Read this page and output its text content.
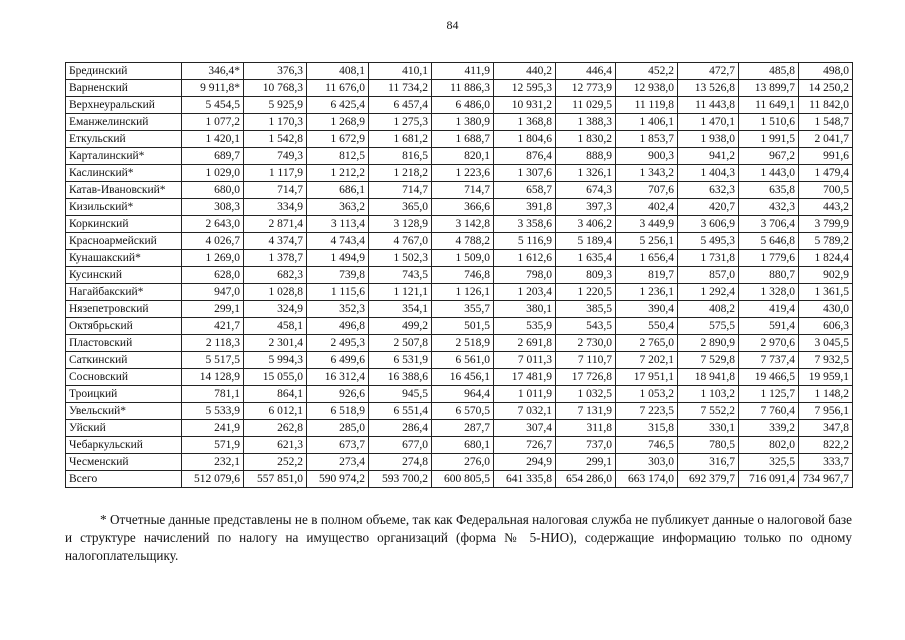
84
Брединский	346,4*	376,3	408,1	410,1	411,9	440,2	446,4	452,2	472,7	485,8	498,0
Варненский	9 911,8*	10 768,3	11 676,0	11 734,2	11 886,3	12 595,3	12 773,9	12 938,0	13 526,8	13 899,7	14 250,2
Верхнеуральский	5 454,5	5 925,9	6 425,4	6 457,4	6 486,0	10 931,2	11 029,5	11 119,8	11 443,8	11 649,1	11 842,0
Еманжелинский	1 077,2	1 170,3	1 268,9	1 275,3	1 380,9	1 368,8	1 388,3	1 406,1	1 470,1	1 510,6	1 548,7
Еткульский	1 420,1	1 542,8	1 672,9	1 681,2	1 688,7	1 804,6	1 830,2	1 853,7	1 938,0	1 991,5	2 041,7
Карталинский*	689,7	749,3	812,5	816,5	820,1	876,4	888,9	900,3	941,2	967,2	991,6
Каслинский*	1 029,0	1 117,9	1 212,2	1 218,2	1 223,6	1 307,6	1 326,1	1 343,2	1 404,3	1 443,0	1 479,4
Катав-Ивановский*	680,0	714,7	686,1	714,7	714,7	658,7	674,3	707,6	632,3	635,8	700,5
Кизильский*	308,3	334,9	363,2	365,0	366,6	391,8	397,3	402,4	420,7	432,3	443,2
Коркинский	2 643,0	2 871,4	3 113,4	3 128,9	3 142,8	3 358,6	3 406,2	3 449,9	3 606,9	3 706,4	3 799,9
Красноармейский	4 026,7	4 374,7	4 743,4	4 767,0	4 788,2	5 116,9	5 189,4	5 256,1	5 495,3	5 646,8	5 789,2
Кунашакский*	1 269,0	1 378,7	1 494,9	1 502,3	1 509,0	1 612,6	1 635,4	1 656,4	1 731,8	1 779,6	1 824,4
Кусинский	628,0	682,3	739,8	743,5	746,8	798,0	809,3	819,7	857,0	880,7	902,9
Нагайбакский*	947,0	1 028,8	1 115,6	1 121,1	1 126,1	1 203,4	1 220,5	1 236,1	1 292,4	1 328,0	1 361,5
Нязепетровский	299,1	324,9	352,3	354,1	355,7	380,1	385,5	390,4	408,2	419,4	430,0
Октябрьский	421,7	458,1	496,8	499,2	501,5	535,9	543,5	550,4	575,5	591,4	606,3
Пластовский	2 118,3	2 301,4	2 495,3	2 507,8	2 518,9	2 691,8	2 730,0	2 765,0	2 890,9	2 970,6	3 045,5
Саткинский	5 517,5	5 994,3	6 499,6	6 531,9	6 561,0	7 011,3	7 110,7	7 202,1	7 529,8	7 737,4	7 932,5
Сосновский	14 128,9	15 055,0	16 312,4	16 388,6	16 456,1	17 481,9	17 726,8	17 951,1	18 941,8	19 466,5	19 959,1
Троицкий	781,1	864,1	926,6	945,5	964,4	1 011,9	1 032,5	1 053,2	1 103,2	1 125,7	1 148,2
Увельский*	5 533,9	6 012,1	6 518,9	6 551,4	6 570,5	7 032,1	7 131,9	7 223,5	7 552,2	7 760,4	7 956,1
Уйский	241,9	262,8	285,0	286,4	287,7	307,4	311,8	315,8	330,1	339,2	347,8
Чебаркульский	571,9	621,3	673,7	677,0	680,1	726,7	737,0	746,5	780,5	802,0	822,2
Чесменский	232,1	252,2	273,4	274,8	276,0	294,9	299,1	303,0	316,7	325,5	333,7
Всего	512 079,6	557 851,0	590 974,2	593 700,2	600 805,5	641 335,8	654 286,0	663 174,0	692 379,7	716 091,4	734 967,7
* Отчетные данные представлены не в полном объеме, так как Федеральная налоговая служба не публикует данные о налоговой базе и структуре начислений по налогу на имущество организаций (форма № 5-НИО), содержащие информацию только по одному налогоплательщику.
